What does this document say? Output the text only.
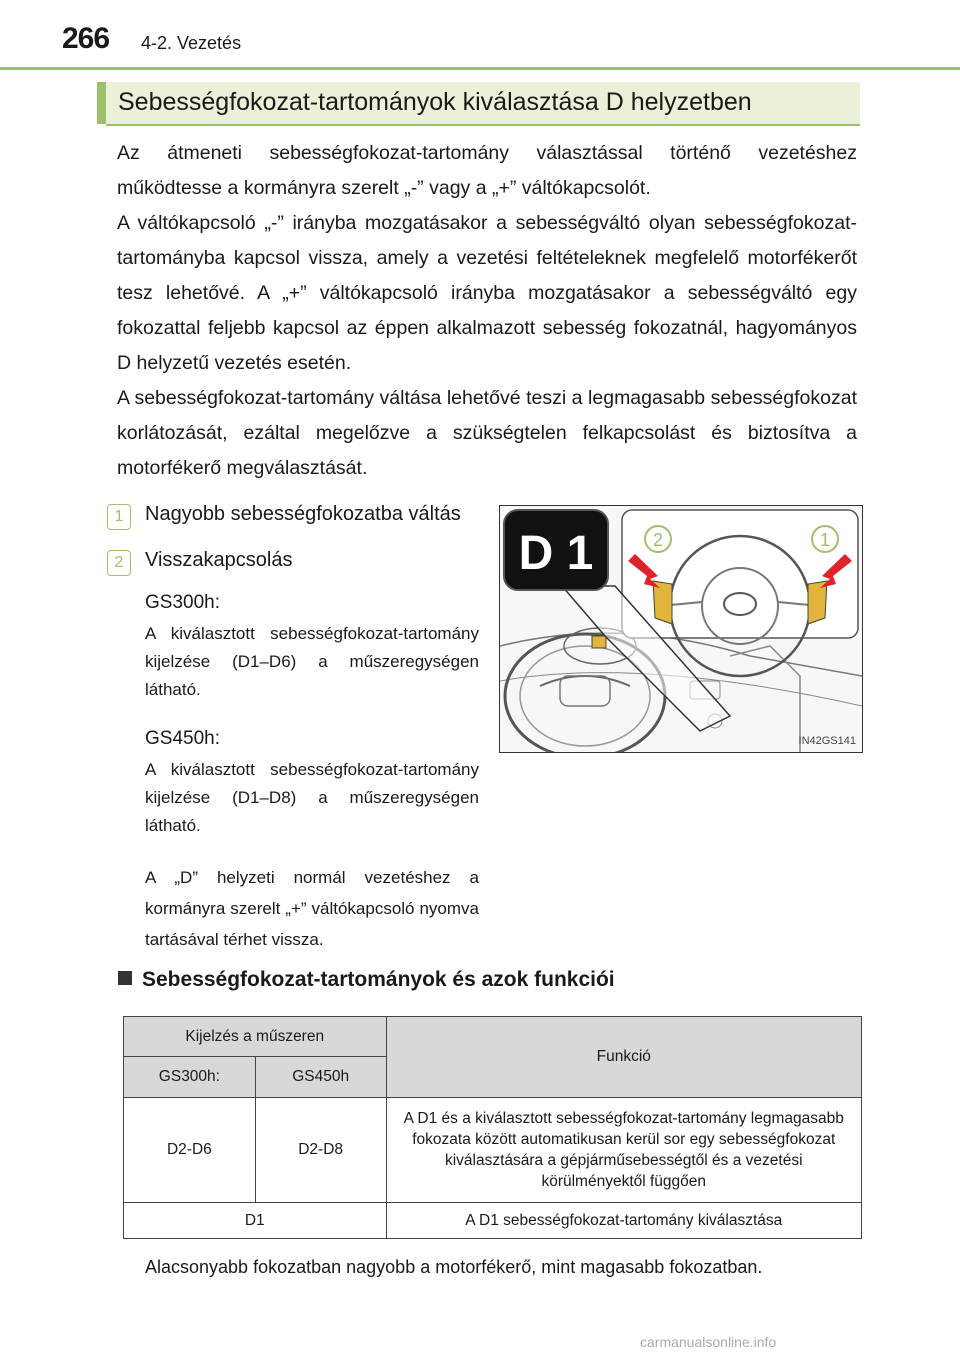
266 4-2. Vezetés
Sebességfokozat-tartományok kiválasztása D helyzetben

Az átmeneti sebességfokozat-tartomány választással történő vezetéshez működtesse a kormányra szerelt „-” vagy a „+” váltókapcsolót.

A váltókapcsoló „-” irányba mozgatásakor a sebességváltó olyan sebességfokozat-tartományba kapcsol vissza, amely a vezetési feltételeknek megfelelő motorfékerőt tesz lehetővé. A „+” váltókapcsoló irányba mozgatásakor a sebességváltó egy fokozattal feljebb kapcsol az éppen alkalmazott sebesség fokozatnál, hagyományos D helyzetű vezetés esetén.

A sebességfokozat-tartomány váltása lehetővé teszi a legmagasabb sebességfokozat korlátozását, ezáltal megelőzve a szükségtelen felkapcsolást és biztosítva a motorfékerő megválasztását.

1	Nagyobb sebességfokozatba váltás
2	Visszakapcsolás
2	1
D 1
IN42GS141
GS300h:
A kiválasztott sebességfokozat-tartomány kijelzése (D1–D6) a műszeregységen látható.
GS450h:
A kiválasztott sebességfokozat-tartomány kijelzése (D1–D8) a műszeregységen látható.
A „D” helyzeti normál vezetéshez a kormányra szerelt „+” váltókapcsoló nyomva tartásával térhet vissza.
Sebességfokozat-tartományok és azok funkciói
Kijelzés a műszeren		Funkció
GS300h:	GS450h	
D2-D6	D2-D8	A D1 és a kiválasztott sebességfokozat-tartomány legmagasabb fokozata között automatikusan kerül sor egy sebességfokozat kiválasztására a gépjárműsebességtől és a vezetési körülményektől függően
D1		A D1 sebességfokozat-tartomány kiválasztása
Alacsonyabb fokozatban nagyobb a motorfékerő, mint magasabb fokozatban.
carmanualsonline.info
